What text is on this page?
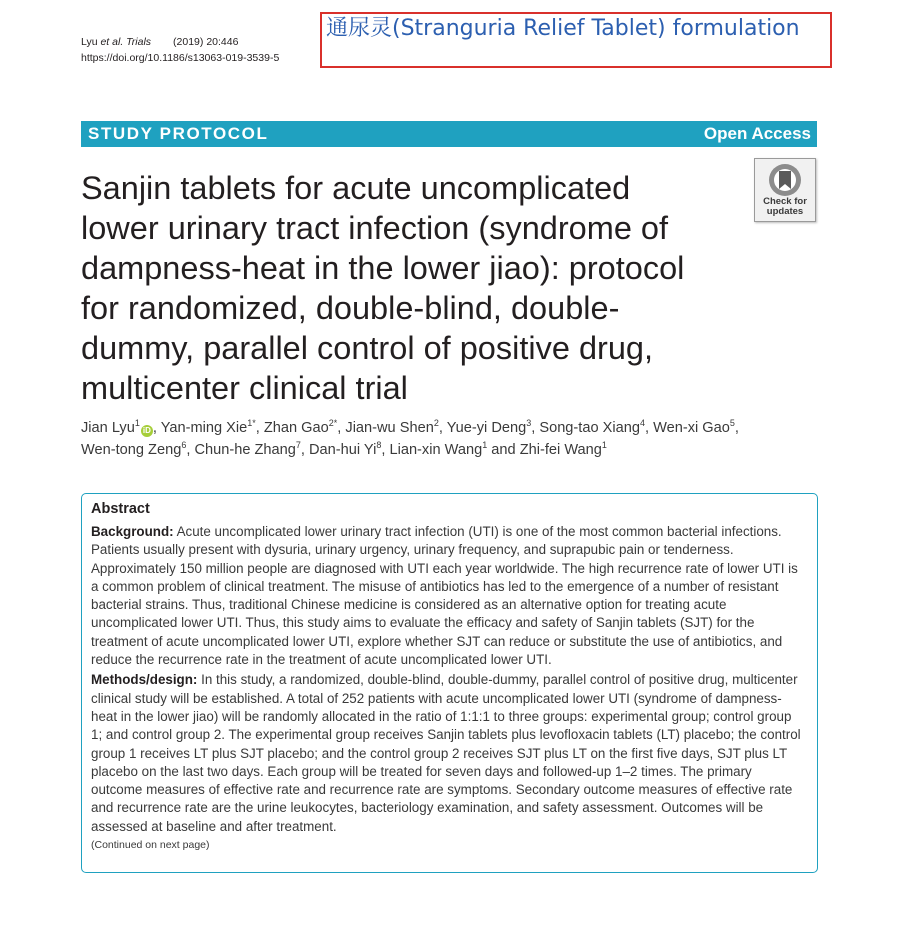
Lyu et al. Trials (2019) 20:446
https://doi.org/10.1186/s13063-019-3539-5
通尿灵(Stranguria Relief Tablet) formulation
STUDY PROTOCOL	Open Access
Check for
updates
Sanjin tablets for acute uncomplicated
lower urinary tract infection (syndrome of
dampness-heat in the lower jiao): protocol
for randomized, double-blind, double-
dummy, parallel control of positive drug,
multicenter clinical trial
Jian Lyu$^1$iD , Yan-ming Xie$^{1*}$, Zhan Gao$^{2*}$, Jian-wu Shen$^2$, Yue-yi Deng$^3$, Song-tao Xiang$^4$, Wen-xi Gao$^5$,
Wen-tong Zeng$^6$, Chun-he Zhang$^7$, Dan-hui Yi$^8$, Lian-xin Wang$^1$ and Zhi-fei Wang$^1$
Abstract

Background: Acute uncomplicated lower urinary tract infection (UTI) is one of the most common bacterial infections. Patients usually present with dysuria, urinary urgency, urinary frequency, and suprapubic pain or tenderness. Approximately 150 million people are diagnosed with UTI each year worldwide. The high recurrence rate of lower UTI is a common problem of clinical treatment. The misuse of antibiotics has led to the emergence of a number of resistant bacterial strains. Thus, traditional Chinese medicine is considered as an alternative option for treating acute uncomplicated lower UTI. Thus, this study aims to evaluate the efficacy and safety of Sanjin tablets (SJT) for the treatment of acute uncomplicated lower UTI, explore whether SJT can reduce or substitute the use of antibiotics, and reduce the recurrence rate in the treatment of acute uncomplicated lower UTI.

Methods/design: In this study, a randomized, double-blind, double-dummy, parallel control of positive drug, multicenter clinical study will be established. A total of 252 patients with acute uncomplicated lower UTI (syndrome of dampness-heat in the lower jiao) will be randomly allocated in the ratio of 1:1:1 to three groups: experimental group; control group 1; and control group 2. The experimental group receives Sanjin tablets plus levofloxacin tablets (LT) placebo; the control group 1 receives LT plus SJT placebo; and the control group 2 receives SJT plus LT on the first five days, SJT plus LT placebo on the last two days. Each group will be treated for seven days and followed-up 1–2 times. The primary outcome measures of effective rate and recurrence rate are symptoms. Secondary outcome measures of effective rate and recurrence rate are the urine leukocytes, bacteriology examination, and safety assessment. Outcomes will be assessed at baseline and after treatment.

(Continued on next page)
